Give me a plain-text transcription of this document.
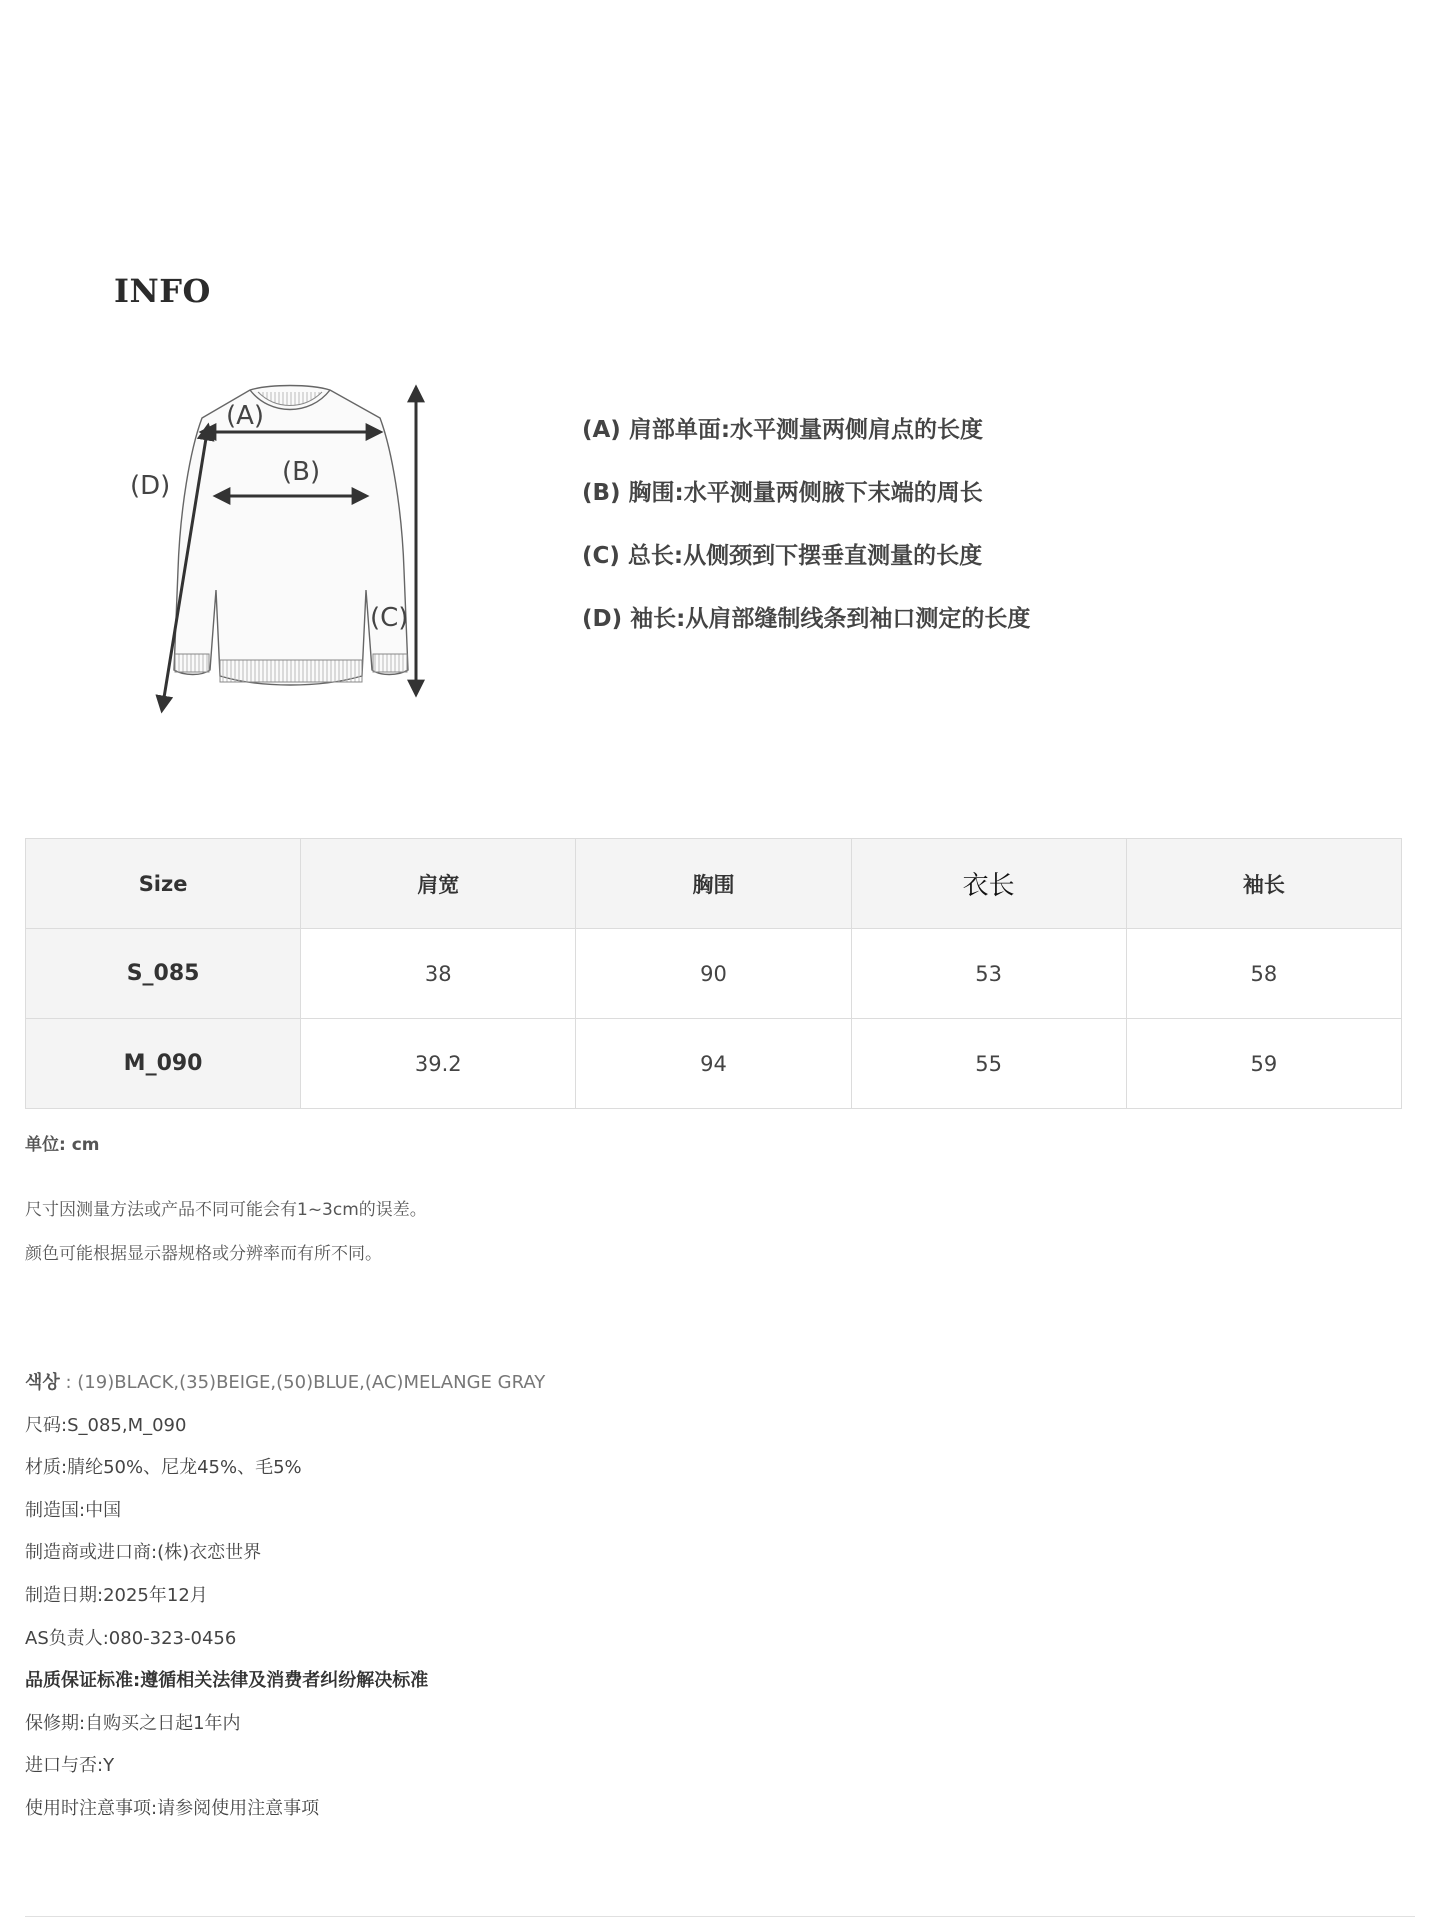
INFO
(A)
(B)
(C)
(D)
(A) 肩部单面:水平测量两侧肩点的长度
(B) 胸围:水平测量两侧腋下末端的周长
(C) 总长:从侧颈到下摆垂直测量的长度
(D) 袖长:从肩部缝制线条到袖口测定的长度
Size	肩宽	胸围	衣长	袖长
S_085	38	90	53	58
M_090	39.2	94	55	59
单位: cm
尺寸因测量方法或产品不同可能会有1~3cm的误差。
颜色可能根据显示器规格或分辨率而有所不同。
색상 : (19)BLACK,(35)BEIGE,(50)BLUE,(AC)MELANGE GRAY
尺码:S_085,M_090
材质:腈纶50%、尼龙45%、毛5%
制造国:中国
制造商或进口商:(株)衣恋世界
制造日期:2025年12月
AS负责人:080-323-0456
品质保证标准:遵循相关法律及消费者纠纷解决标准
保修期:自购买之日起1年内
进口与否:Y
使用时注意事项:请参阅使用注意事项
